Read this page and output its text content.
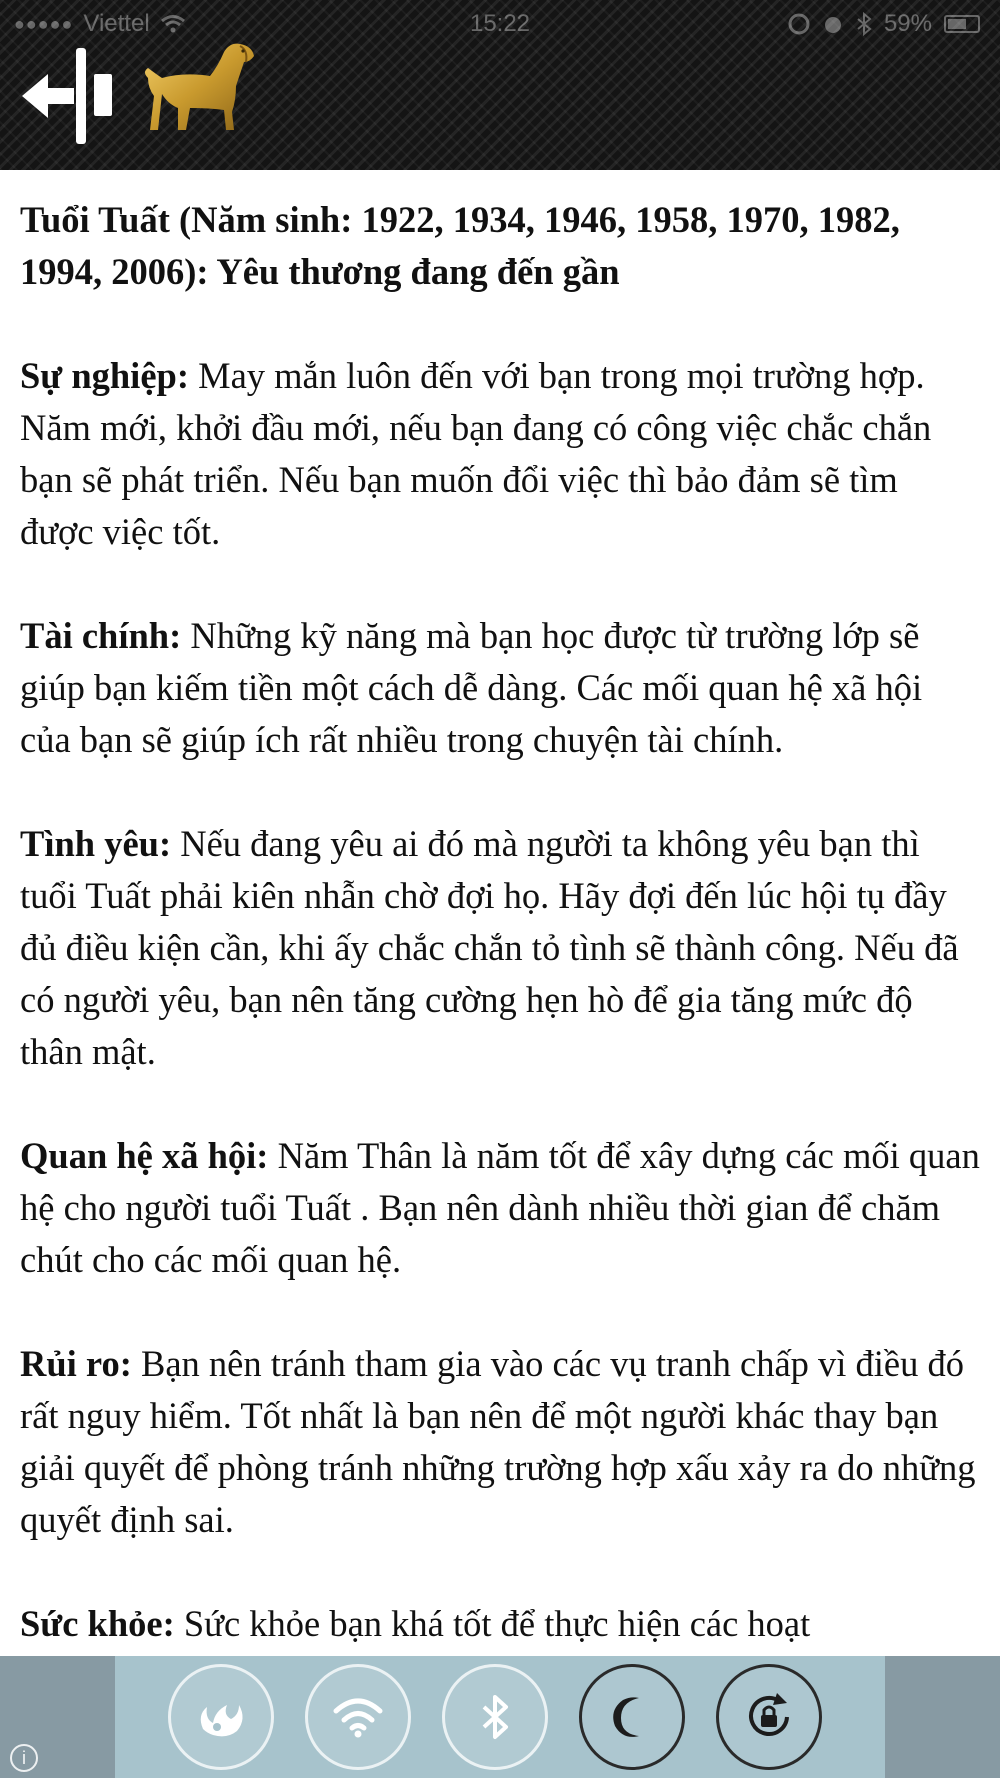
●●●●● Viettel	15:22	59%
Tuổi Tuất (Năm sinh: 1922, 1934, 1946, 1958, 1970, 1982, 1994, 2006): Yêu thương đang đến gần

Sự nghiệp: May mắn luôn đến với bạn trong mọi trường hợp. Năm mới, khởi đầu mới, nếu bạn đang có công việc chắc chắn bạn sẽ phát triển. Nếu bạn muốn đổi việc thì bảo đảm sẽ tìm được việc tốt.

Tài chính: Những kỹ năng mà bạn học được từ trường lớp sẽ giúp bạn kiếm tiền một cách dễ dàng. Các mối quan hệ xã hội của bạn sẽ giúp ích rất nhiều trong chuyện tài chính.

Tình yêu: Nếu đang yêu ai đó mà người ta không yêu bạn thì tuổi Tuất phải kiên nhẫn chờ đợi họ. Hãy đợi đến lúc hội tụ đầy đủ điều kiện cần, khi ấy chắc chắn tỏ tình sẽ thành công. Nếu đã có người yêu, bạn nên tăng cường hẹn hò để gia tăng mức độ thân mật.

Quan hệ xã hội: Năm Thân là năm tốt để xây dựng các mối quan hệ cho người tuổi Tuất . Bạn nên dành nhiều thời gian để chăm chút cho các mối quan hệ.

Rủi ro: Bạn nên tránh tham gia vào các vụ tranh chấp vì điều đó rất nguy hiểm. Tốt nhất là bạn nên để một người khác thay bạn giải quyết để phòng tránh những trường hợp xấu xảy ra do những quyết định sai.

Sức khỏe: Sức khỏe bạn khá tốt để thực hiện các hoạt

i
